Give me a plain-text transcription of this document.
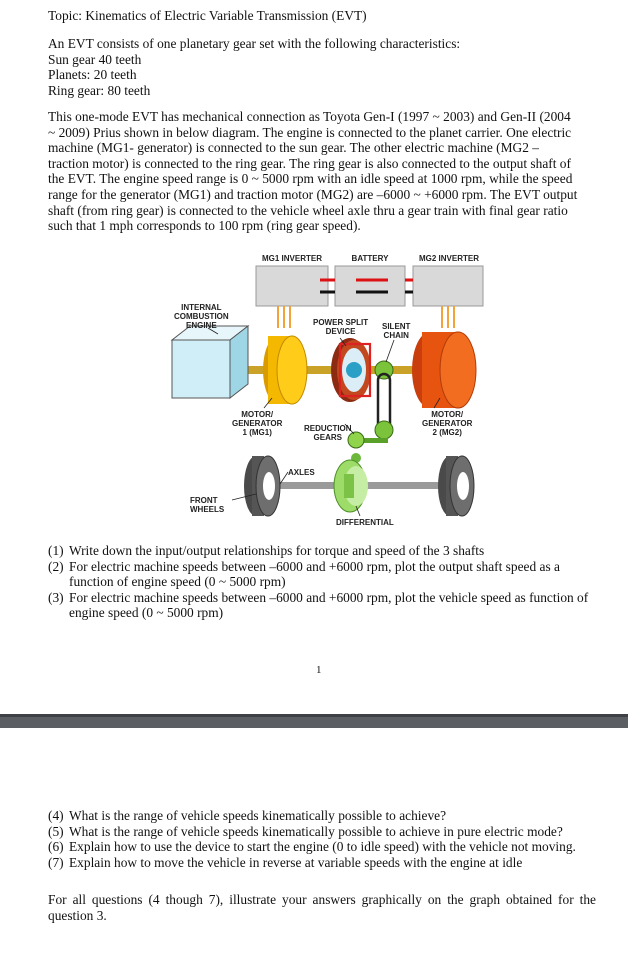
Topic: Kinematics of Electric Variable Transmission (EVT)
An EVT consists of one planetary gear set with the following characteristics:
Sun gear 40 teeth
Planets: 20 teeth
Ring gear: 80 teeth
This one-mode EVT has mechanical connection as Toyota Gen-I (1997 ~ 2003) and Gen-II (2004
~ 2009) Prius shown in below diagram. The engine is connected to the planet carrier. One electric
machine (MG1- generator) is connected to the sun gear. The other electric machine (MG2 –
traction motor) is connected to the ring gear. The ring gear is also connected to the output shaft of
the EVT. The engine speed range is 0 ~ 5000 rpm with an idle speed at 1000 rpm, while the speed
range for the generator (MG1) and traction motor (MG2) are –6000 ~ +6000 rpm. The EVT output
shaft (from ring gear) is connected to the vehicle wheel axle thru a gear train with final gear ratio
such that 1 mph corresponds to 100 rpm (ring gear speed).
MG1 INVERTER	BATTERY	MG2 INVERTER
INTERNAL
COMBUSTION
ENGINE	POWER SPLIT
DEVICE
SILENT
CHAIN
MOTOR/
GENERATOR
1 (MG1)	REDUCTION
GEARS
MOTOR/
GENERATOR
2 (MG2)
AXLES
FRONT
WHEELS
DIFFERENTIAL
(1) Write down the input/output relationships for torque and speed of the 3 shafts
(2) For electric machine speeds between –6000 and +6000 rpm, plot the output shaft speed as a function of engine speed (0 ~ 5000 rpm)
(3) For electric machine speeds between –6000 and +6000 rpm, plot the vehicle speed as function of engine speed (0 ~ 5000 rpm)
1
(4) What is the range of vehicle speeds kinematically possible to achieve?
(5) What is the range of vehicle speeds kinematically possible to achieve in pure electric mode?
(6) Explain how to use the device to start the engine (0 to idle speed) with the vehicle not moving.
(7) Explain how to move the vehicle in reverse at variable speeds with the engine at idle
For all questions (4 though 7), illustrate your answers graphically on the graph obtained for the question 3.
